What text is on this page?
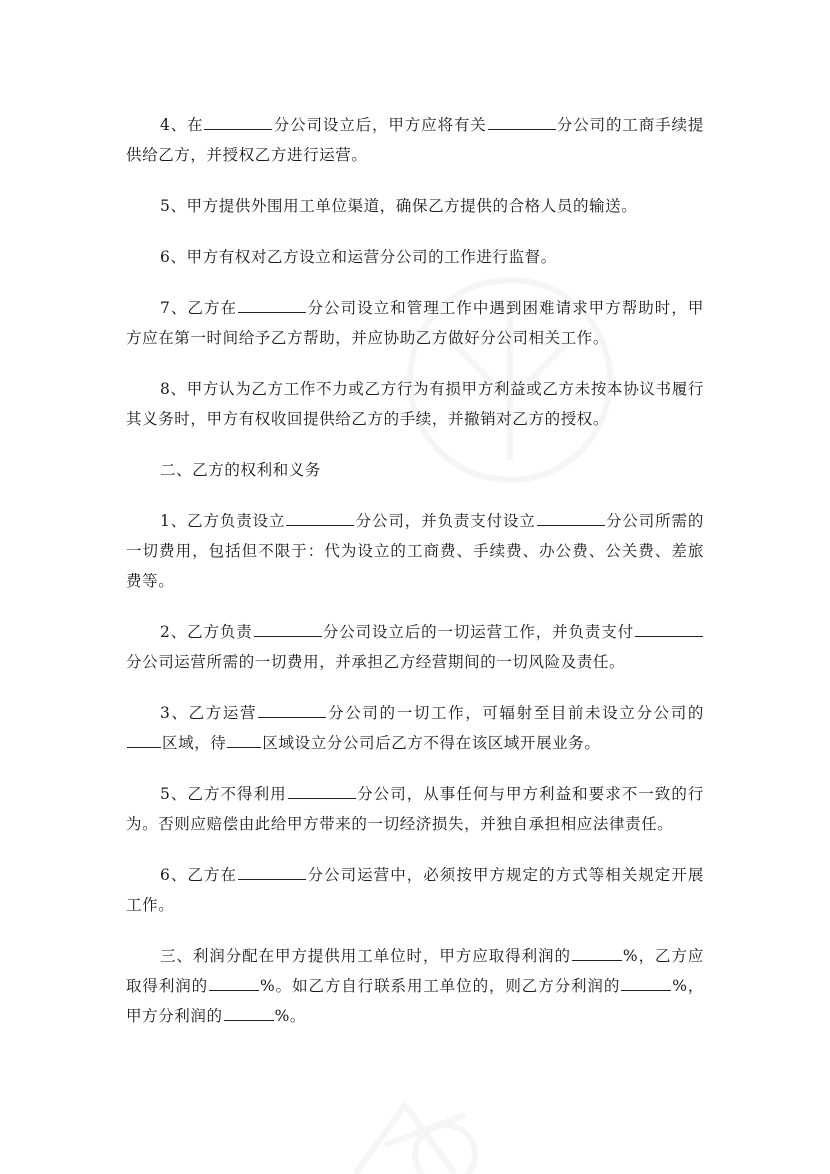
4、在	分公司设立后，甲方应将有关	分公司的工商手续提供给乙方，并授权乙方进行运营。

5、甲方提供外围用工单位渠道，确保乙方提供的合格人员的输送。

6、甲方有权对乙方设立和运营分公司的工作进行监督。

7、乙方在	分公司设立和管理工作中遇到困难请求甲方帮助时，甲方应在第一时间给予乙方帮助，并应协助乙方做好分公司相关工作。

8、甲方认为乙方工作不力或乙方行为有损甲方利益或乙方未按本协议书履行其义务时，甲方有权收回提供给乙方的手续，并撤销对乙方的授权。

二、乙方的权利和义务

1、乙方负责设立	分公司，并负责支付设立	分公司所需的一切费用，包括但不限于：代为设立的工商费、手续费、办公费、公关费、差旅费等。

2、乙方负责	分公司设立后的一切运营工作，并负责支付分公司运营所需的一切费用，并承担乙方经营期间的一切风险及责任。

3、乙方运营	分公司的一切工作，可辐射至目前未设立分公司的区域，待 区域设立分公司后乙方不得在该区域开展业务。

5、乙方不得利用	分公司，从事任何与甲方利益和要求不一致的行为。否则应赔偿由此给甲方带来的一切经济损失，并独自承担相应法律责任。

6、乙方在	分公司运营中，必须按甲方规定的方式等相关规定开展工作。

三、利润分配在甲方提供用工单位时，甲方应取得利润的	%，乙方应取得利润的	%。如乙方自行联系用工单位的，则乙方分利润的	%，甲方分利润的	%。
